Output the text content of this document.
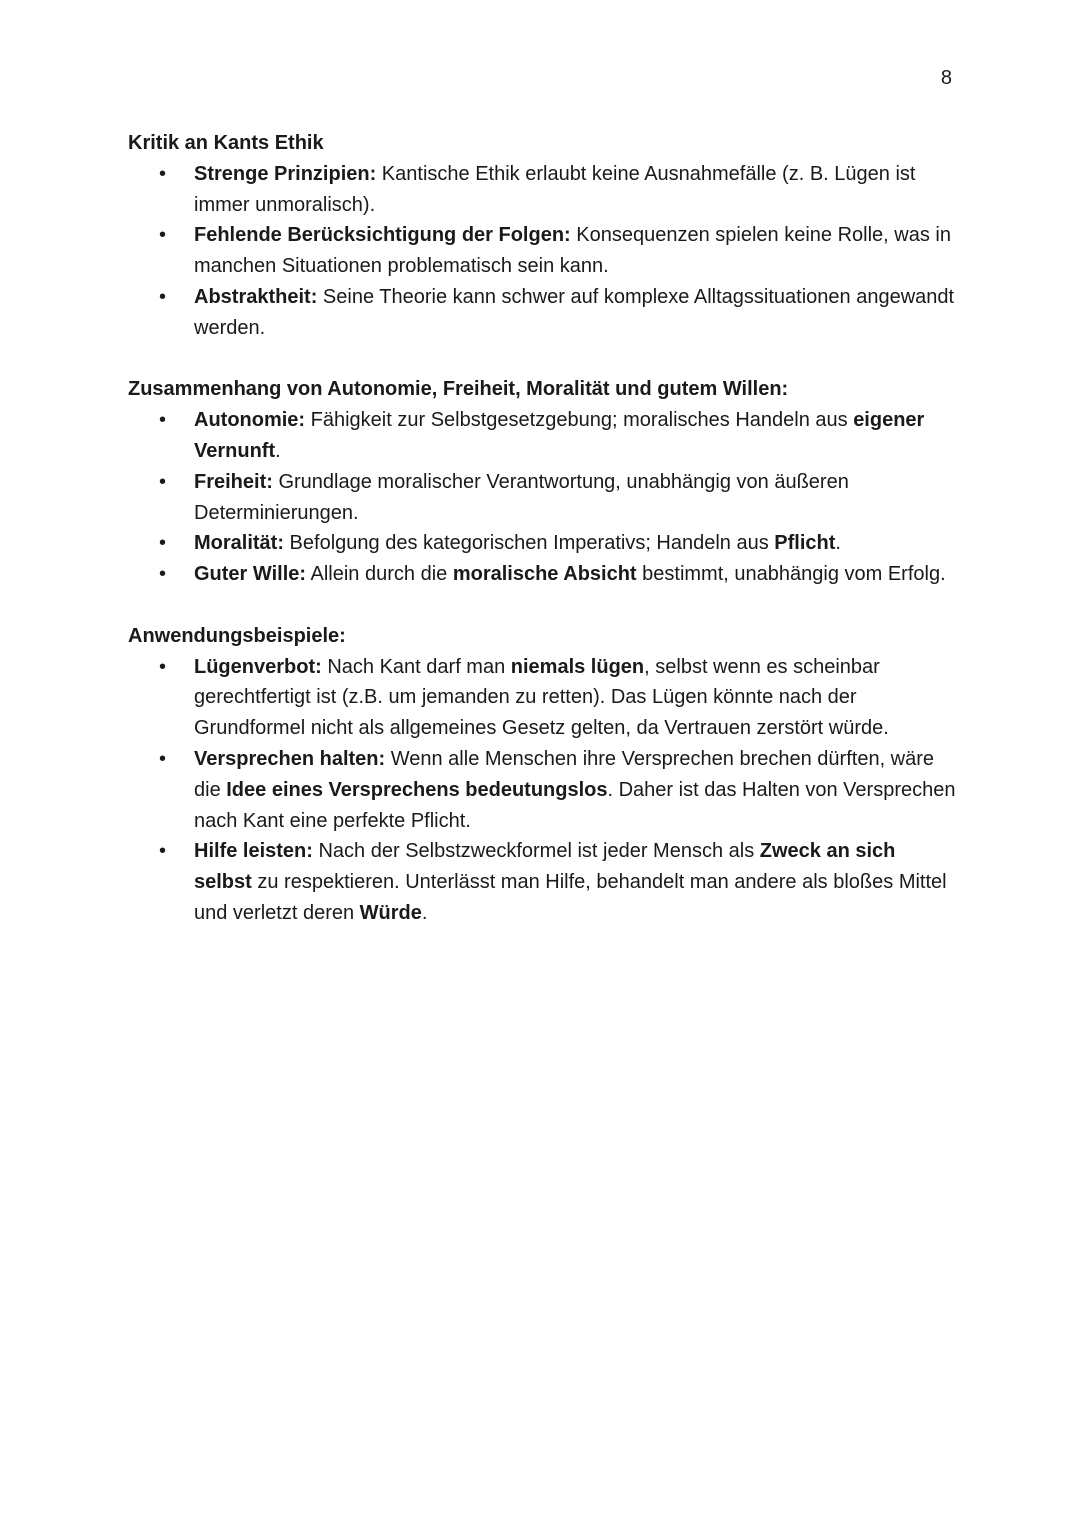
8

Kritik an Kants Ethik

• Strenge Prinzipien: Kantische Ethik erlaubt keine Ausnahmefälle (z. B. Lügen ist immer unmoralisch).
• Fehlende Berücksichtigung der Folgen: Konsequenzen spielen keine Rolle, was in manchen Situationen problematisch sein kann.
• Abstraktheit: Seine Theorie kann schwer auf komplexe Alltagssituationen angewandt werden.

Zusammenhang von Autonomie, Freiheit, Moralität und gutem Willen:

• Autonomie: Fähigkeit zur Selbstgesetzgebung; moralisches Handeln aus eigener Vernunft.
• Freiheit: Grundlage moralischer Verantwortung, unabhängig von äußeren Determinierungen.
• Moralität: Befolgung des kategorischen Imperativs; Handeln aus Pflicht.
• Guter Wille: Allein durch die moralische Absicht bestimmt, unabhängig vom Erfolg.

Anwendungsbeispiele:

• Lügenverbot: Nach Kant darf man niemals lügen, selbst wenn es scheinbar gerechtfertigt ist (z.B. um jemanden zu retten). Das Lügen könnte nach der Grundformel nicht als allgemeines Gesetz gelten, da Vertrauen zerstört würde.
• Versprechen halten: Wenn alle Menschen ihre Versprechen brechen dürften, wäre die Idee eines Versprechens bedeutungslos. Daher ist das Halten von Versprechen nach Kant eine perfekte Pflicht.
• Hilfe leisten: Nach der Selbstzweckformel ist jeder Mensch als Zweck an sich selbst zu respektieren. Unterlässt man Hilfe, behandelt man andere als bloßes Mittel und verletzt deren Würde.
